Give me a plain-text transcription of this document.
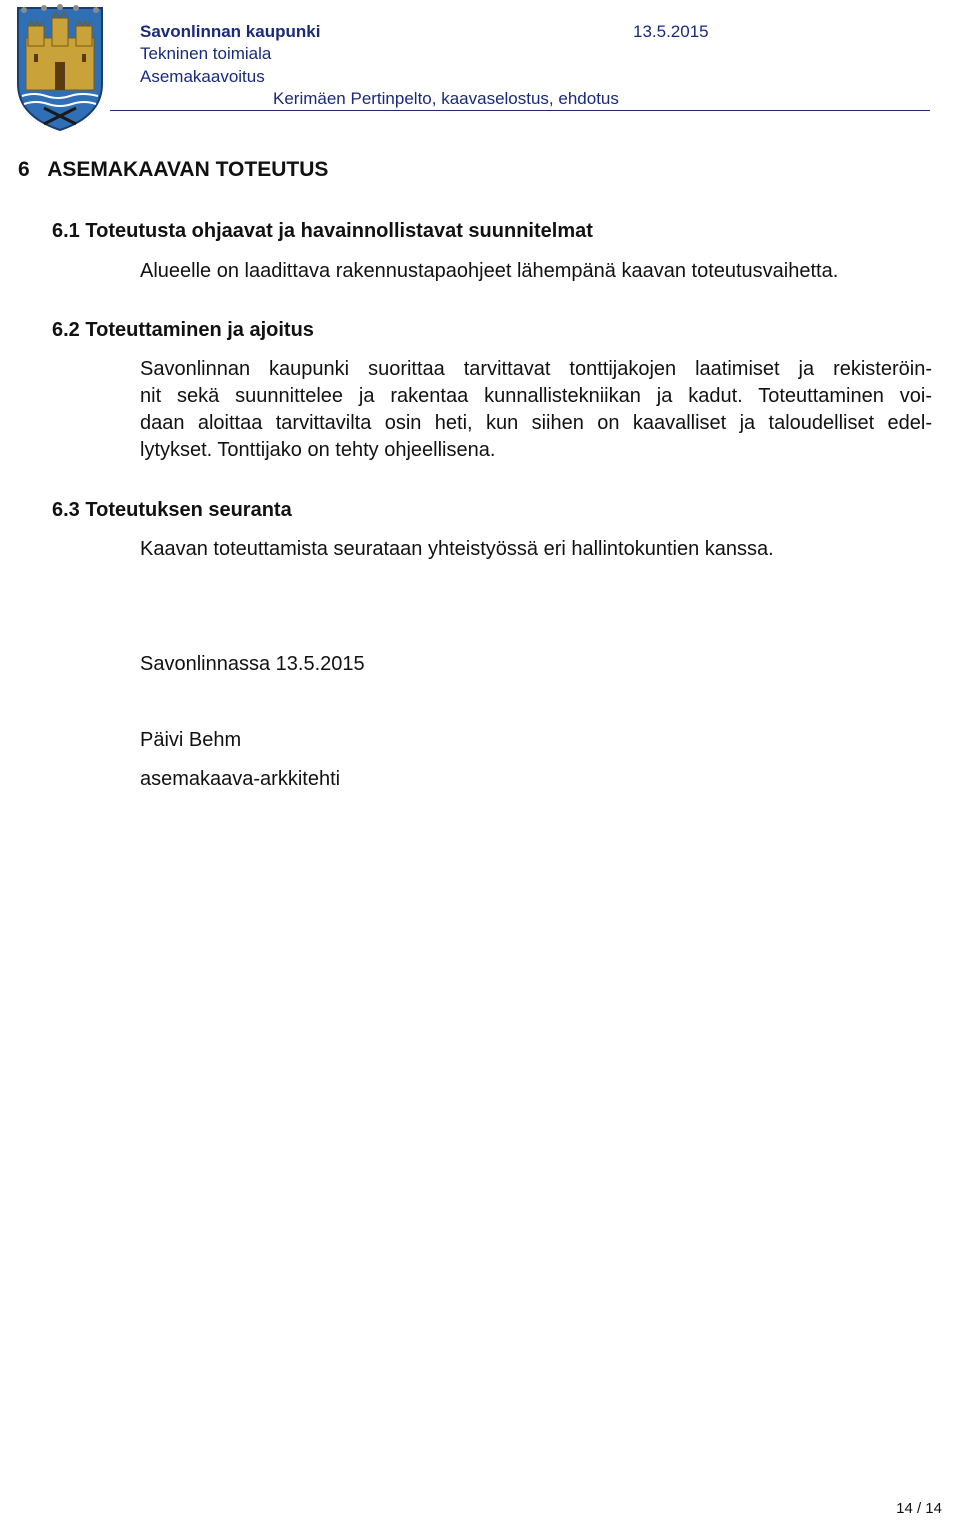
Savonlinnan kaupunki	13.5.2015
Tekninen toimiala
Asemakaavoitus
Kerimäen Pertinpelto, kaavaselostus, ehdotus
6 ASEMAKAAVAN TOTEUTUS
6.1 Toteutusta ohjaavat ja havainnollistavat suunnitelmat
Alueelle on laadittava rakennustapaohjeet lähempänä kaavan toteutusvaihetta.
6.2 Toteuttaminen ja ajoitus
Savonlinnan kaupunki suorittaa tarvittavat tonttijakojen laatimiset ja rekisteröin-
nit sekä suunnittelee ja rakentaa kunnallistekniikan ja kadut. Toteuttaminen voi-
daan aloittaa tarvittavilta osin heti, kun siihen on kaavalliset ja taloudelliset edel-
lytykset. Tonttijako on tehty ohjeellisena.
6.3 Toteutuksen seuranta
Kaavan toteuttamista seurataan yhteistyössä eri hallintokuntien kanssa.
Savonlinnassa 13.5.2015
Päivi Behm
asemakaava-arkkitehti
14 / 14
